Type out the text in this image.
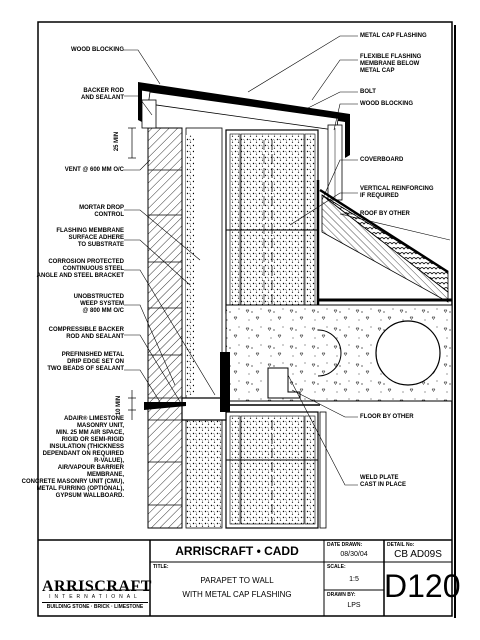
WOOD BLOCKING
BACKER ROD
AND SEALANT
25 MIN
VENT @ 600 MM O/C
MORTAR DROP
CONTROL
FLASHING MEMBRANE
SURFACE ADHERE
TO SUBSTRATE
CORROSION PROTECTED
CONTINUOUS STEEL
ANGLE AND STEEL BRACKET
UNOBSTRUCTED
WEEP SYSTEM
@ 800 MM O/C
COMPRESSIBLE BACKER
ROD AND SEALANT
PREFINISHED METAL
DRIP EDGE SET ON
TWO BEADS OF SEALANT
10 MIN
ADAIR® LIMESTONE
MASONRY UNIT,
MIN. 25 MM AIR SPACE,
RIGID OR SEMI-RIGID
INSULATION (THICKNESS
DEPENDANT ON REQUIRED
R-VALUE),
AIR/VAPOUR BARRIER
MEMBRANE,
CONCRETE MASONRY UNIT (CMU),
METAL FURRING (OPTIONAL),
GYPSUM WALLBOARD.
METAL CAP FLASHING
FLEXIBLE FLASHING
MEMBRANE BELOW
METAL CAP
BOLT
WOOD BLOCKING
COVERBOARD
VERTICAL REINFORCING
IF REQUIRED
ROOF BY OTHER
FLOOR BY OTHER
WELD PLATE
CAST IN PLACE
ARRISCRAFT
INTERNATIONAL
BUILDING STONE · BRICK · LIMESTONE
ARRISCRAFT • CADD
TITLE:
PARAPET TO WALL
WITH METAL CAP FLASHING
DATE DRAWN:
08/30/04
SCALE:
1:5
DRAWN BY:
LPS
DETAIL No:
CB AD09S
D120
